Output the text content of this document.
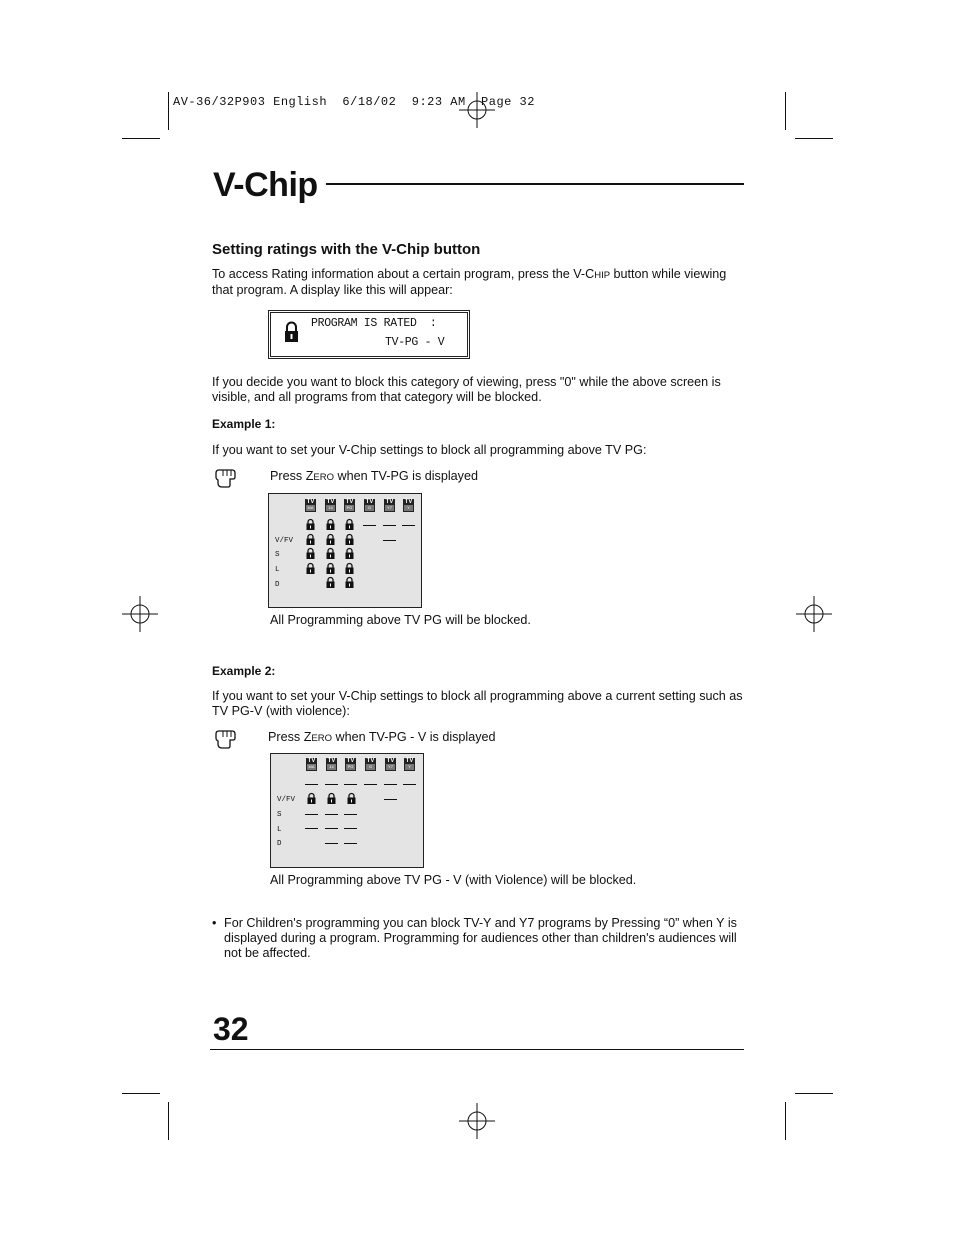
AV-36/32P903 English  6/18/02  9:23 AM  Page 32
V-Chip
Setting ratings with the V-Chip button
To access Rating information about a certain program, press the V-CHIP button while viewing that program. A display like this will appear:
PROGRAM IS RATED  :
TV-PG - V
If you decide you want to block this category of viewing, press "0" while the above screen is visible, and all programs from that category will be blocked.
Example 1:
If you want to set your V-Chip settings to block all programming above TV PG:
Press ZERO when TV-PG is displayed
V/FV
S
L
D
TV
MA
TV
14
TV
PG
TV
G
TV
Y7
TV
Y
All Programming above TV PG will be blocked.
Example 2:
If you want to set your V-Chip settings to block all programming above a current setting such as TV PG-V (with violence):
Press ZERO when TV-PG - V is displayed
V/FV
S
L
D
TV
MA
TV
14
TV
PG
TV
G
TV
Y7
TV
Y
All Programming above TV PG - V (with Violence) will be blocked.
• For Children's programming you can block TV-Y and Y7 programs by Pressing “0” when Y is displayed during a program. Programming for audiences other than children's audiences will not be affected.
32
